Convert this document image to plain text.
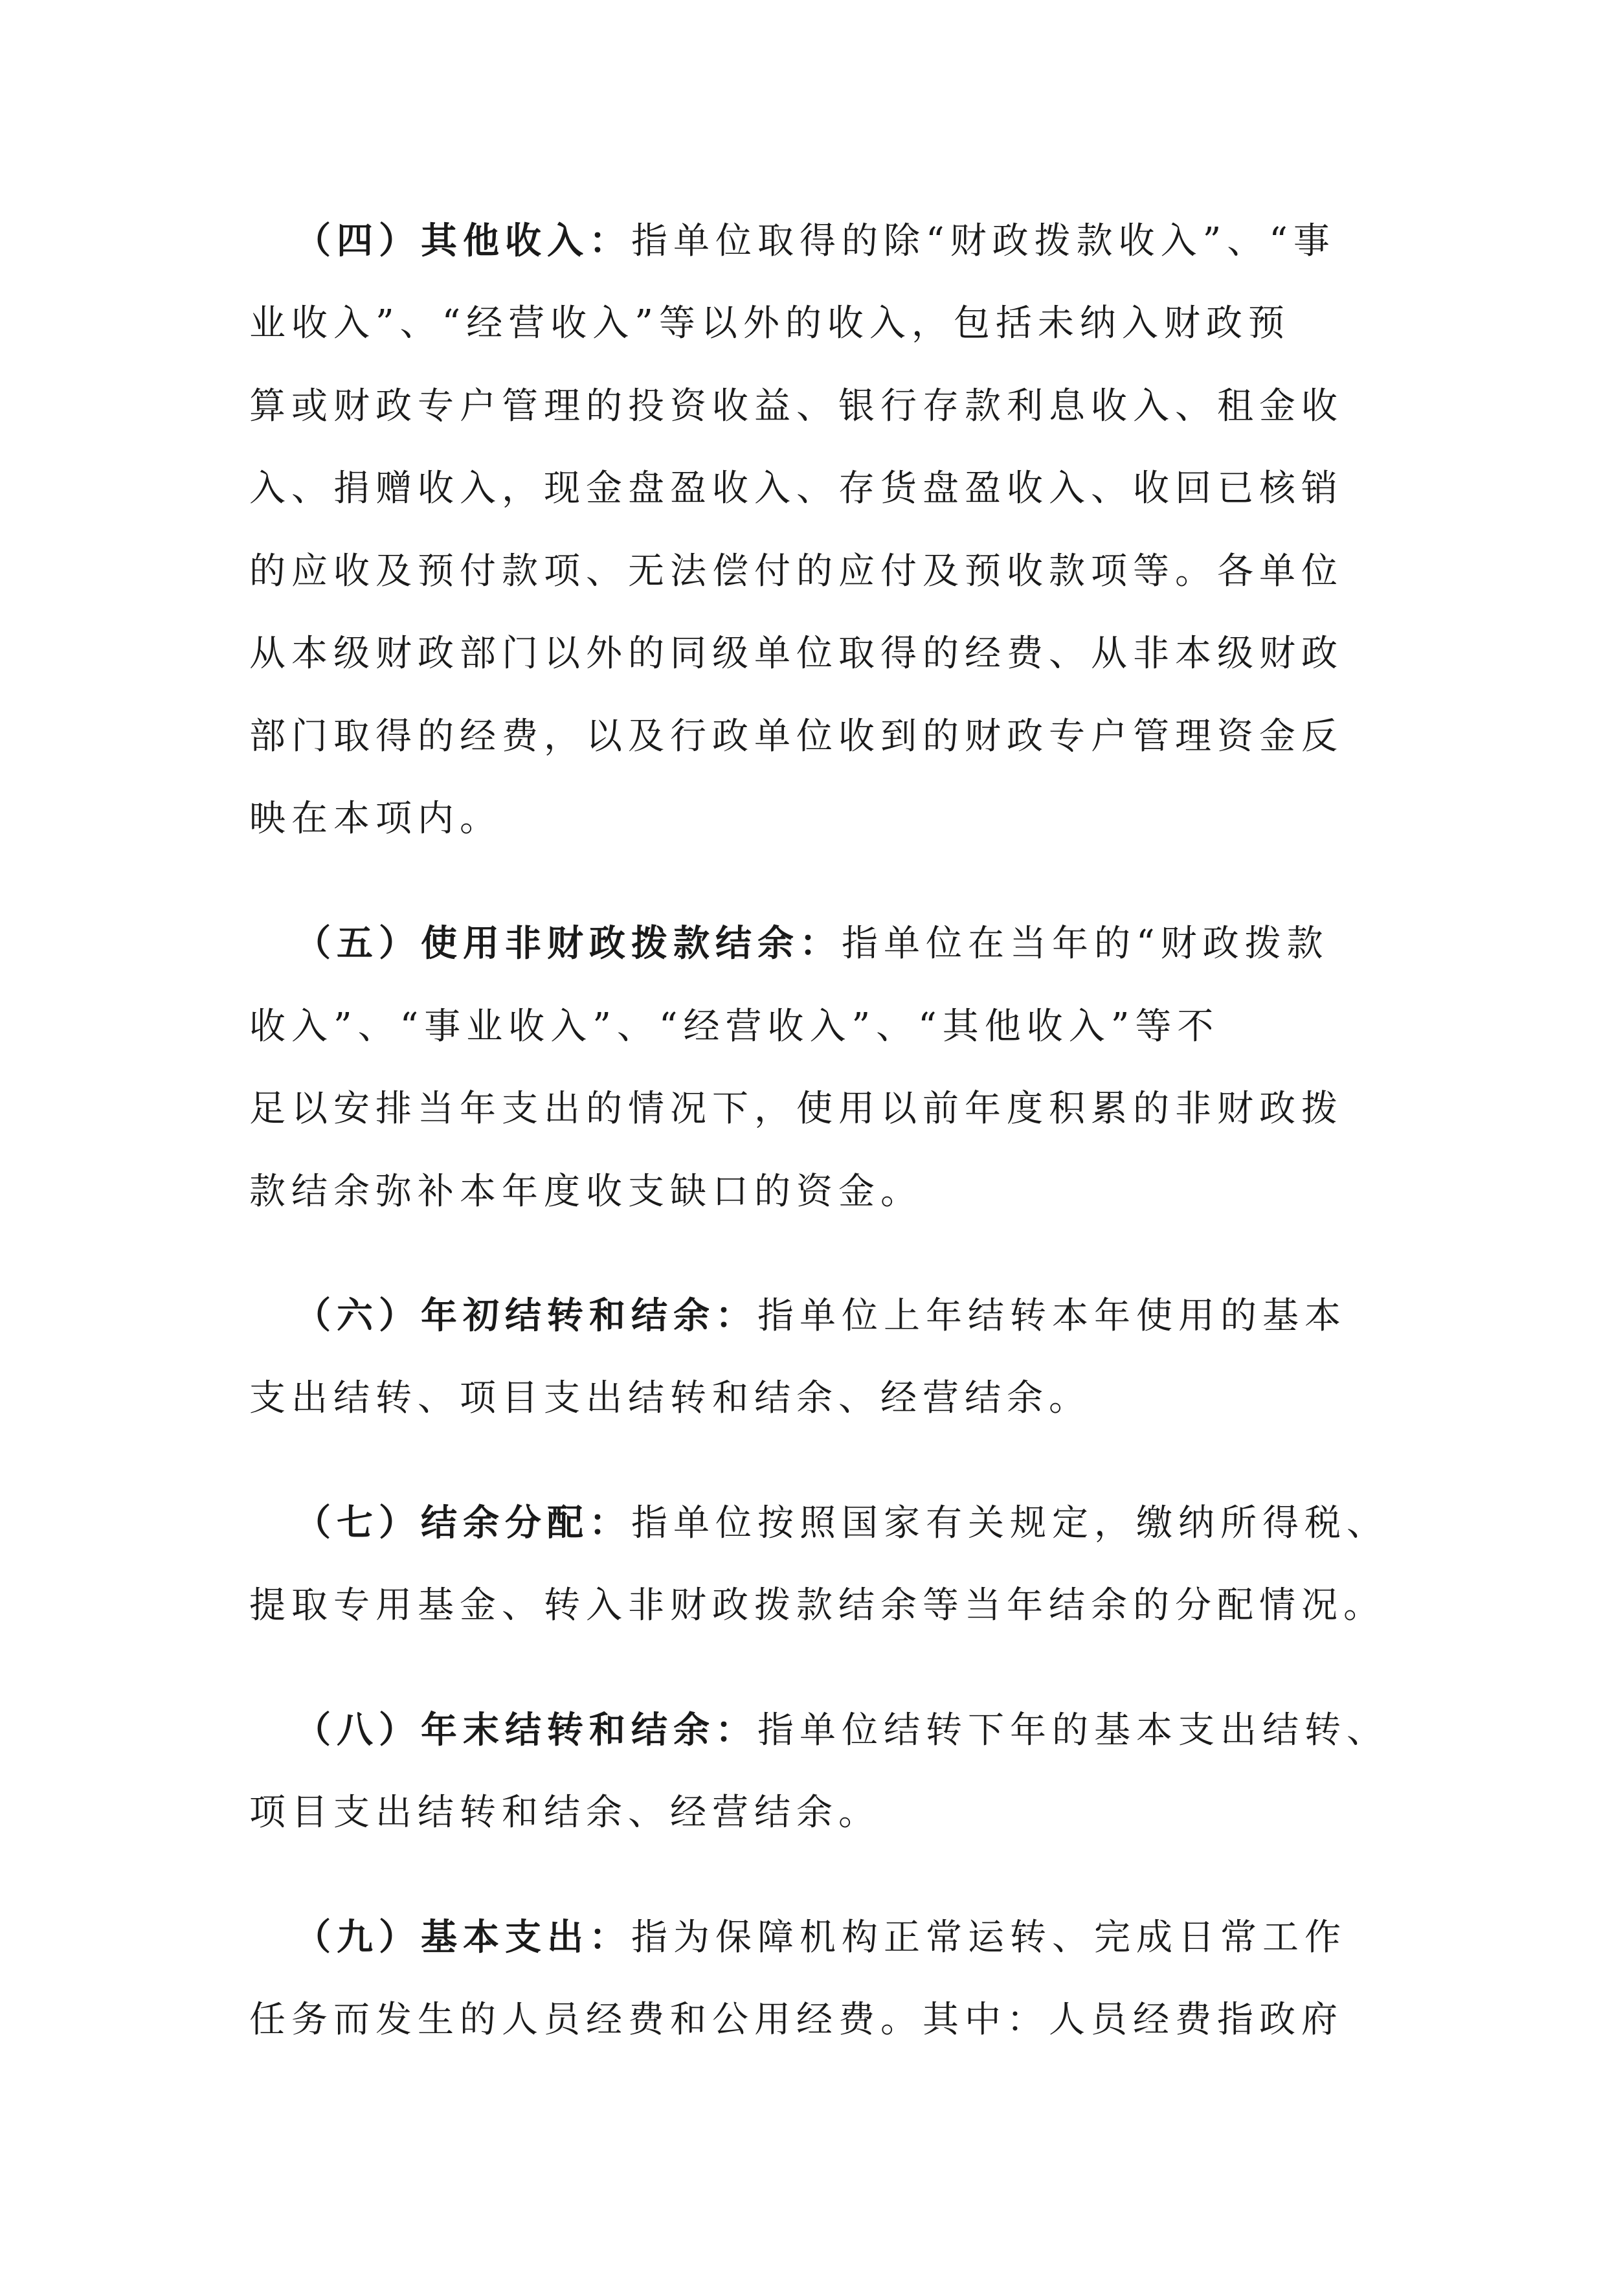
（四）其他收入：指单位取得的除“财政拨款收入”、“事
业收入”、“经营收入”等以外的收入，包括未纳入财政预
算或财政专户管理的投资收益、银行存款利息收入、租金收
入、捐赠收入，现金盘盈收入、存货盘盈收入、收回已核销
的应收及预付款项、无法偿付的应付及预收款项等。各单位
从本级财政部门以外的同级单位取得的经费、从非本级财政
部门取得的经费，以及行政单位收到的财政专户管理资金反
映在本项内。
（五）使用非财政拨款结余：指单位在当年的“财政拨款
收入”、“事业收入”、“经营收入”、“其他收入”等不
足以安排当年支出的情况下，使用以前年度积累的非财政拨
款结余弥补本年度收支缺口的资金。
（六）年初结转和结余：指单位上年结转本年使用的基本
支出结转、项目支出结转和结余、经营结余。
（七）结余分配：指单位按照国家有关规定，缴纳所得税、
提取专用基金、转入非财政拨款结余等当年结余的分配情况。
（八）年末结转和结余：指单位结转下年的基本支出结转、
项目支出结转和结余、经营结余。
（九）基本支出：指为保障机构正常运转、完成日常工作
任务而发生的人员经费和公用经费。其中：人员经费指政府
